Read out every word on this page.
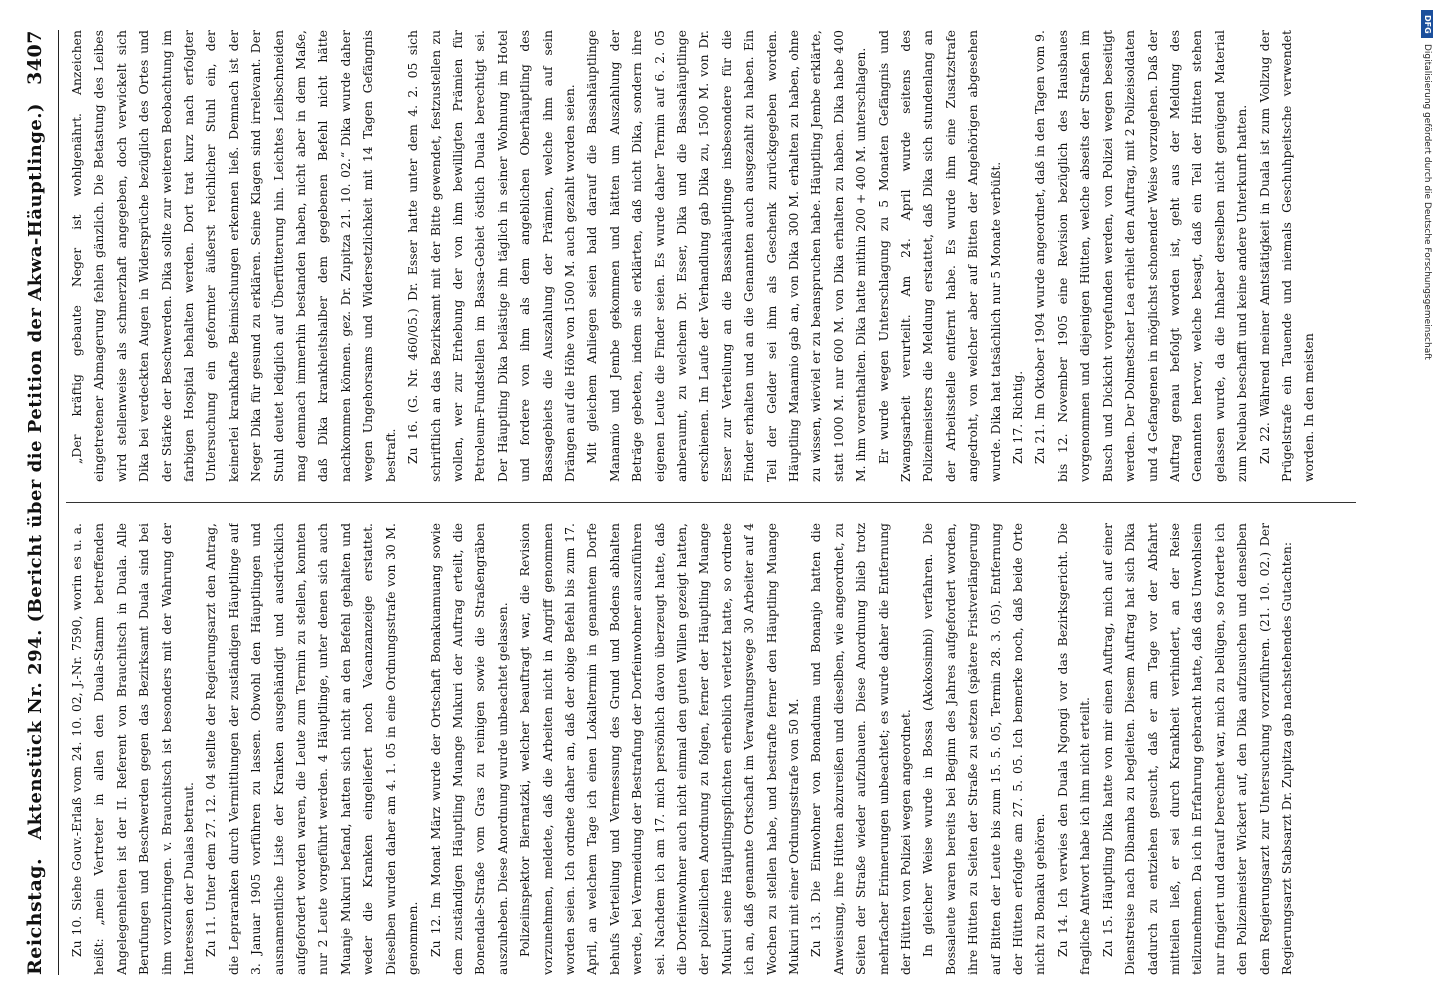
Reichstag.
Aktenstück Nr. 294. (Bericht über die Petition der Akwa-Häuptlinge.)
3407

Zu 10. Siehe Gouv.-Erlaß vom 24. 10. 02, J.-Nr. 7590, worin es u. a. heißt: „mein Vertreter in allen den Duala-Stamm betreffenden Angelegenheiten ist der II. Referent von Brauchitsch in Duala. Alle Berufungen und Beschwerden gegen das Bezirksamt Duala sind bei ihm vorzubringen. v. Brauchitsch ist besonders mit der Wahrung der Interessen der Dualas betraut. Zu 11. Unter dem 27. 12. 04 stellte der Regierungsarzt den Antrag, die Lepraranken durch Vermittlungen der zuständigen Häuptlinge auf 3. Januar 1905 vorführen zu lassen. Obwohl den Häuptlingen und ausnamentliche Liste der Kranken ausgehändigt und ausdrücklich aufgefordert worden waren, die Leute zum Termin zu stellen, konnten nur 2 Leute vorgeführt werden. 4 Häuptlinge, unter denen sich auch Muanje Mukuri befand, hatten sich nicht an den Befehl gehalten und weder die Kranken eingeliefert noch Vacanzanzeige erstattet. Dieselben wurden daher am 4. 1. 05 in eine Ordnungsstrafe von 30 M. genommen. Zu 12. Im Monat März wurde der Ortschaft Bonakuamuang sowie dem zuständigen Häuptling Muange Mukuri der Auftrag erteilt, die Bonendale-Straße vom Gras zu reinigen sowie die Straßengräben auszuheben. Diese Anordnung wurde unbeachtet gelassen. Polizeiinspektor Biernatzki, welcher beauftragt war, die Revision vorzunehmen, meldete, daß die Arbeiten nicht in Angriff genommen worden seien. Ich ordnete daher an, daß der obige Befehl bis zum 17. April, an welchem Tage ich einen Lokaltermin in genanntem Dorfe behufs Verteilung und Vermessung des Grund und Bodens abhalten werde, bei Vermeidung der Bestrafung der Dorfeinwohner auszuführen sei. Nachdem ich am 17. mich persönlich davon überzeugt hatte, daß die Dorfeinwohner auch nicht einmal den guten Willen gezeigt hatten, der polizeilichen Anordnung zu folgen, ferner der Häuptling Muange Mukuri seine Häuptlingspflichten erheblich verletzt hatte, so ordnete ich an, daß genannte Ortschaft im Verwaltungswege 30 Arbeiter auf 4 Wochen zu stellen habe, und bestrafte ferner den Häuptling Muange Mukuri mit einer Ordnungsstrafe von 50 M. Zu 13. Die Einwohner von Bonaduma und Bonanjo hatten die Anweisung, ihre Hütten abzureißen und dieselben, wie angeordnet, zu Seiten der Straße wieder aufzubauen. Diese Anordnung blieb trotz mehrfacher Erinnerungen unbeachtet; es wurde daher die Entfernung der Hütten von Polizei wegen angeordnet. In gleicher Weise wurde in Bossa (Akokosimbi) verfahren. Die Bossaleute waren bereits bei Beginn des Jahres aufgefordert worden, ihre Hütten zu Seiten der Straße zu setzen (spätere Fristverlängerung auf Bitten der Leute bis zum 15. 5. 05, Termin 28. 3. 05). Entfernung der Hütten erfolgte am 27. 5. 05. Ich bemerke noch, daß beide Orte nicht zu Bonaku gehören. Zu 14. Ich verwies den Duala Ngongi vor das Bezirksgericht. Die fragliche Antwort habe ich ihm nicht erteilt. Zu 15. Häuptling Dika hatte von mir einen Auftrag, mich auf einer Dienstreise nach Dibamba zu begleiten. Diesem Auftrag hat sich Dika dadurch zu entziehen gesucht, daß er am Tage vor der Abfahrt mitteilen ließ, er sei durch Krankheit verhindert, an der Reise teilzunehmen. Da ich in Erfahrung gebracht hatte, daß das Unwohlsein nur fingiert und darauf berechnet war, mich zu belügen, so forderte ich den Polizeimeister Wickert auf, den Dika aufzusuchen und denselben dem Regierungsarzt zur Untersuchung vorzuführen. (21. 10. 02.) Der Regierungsarzt Stabsarzt Dr. Zupitza gab nachstehendes Gutachten:

„Der kräftig gebaute Neger ist wohlgenährt. Anzeichen eingetretener Abmagerung fehlen gänzlich. Die Betastung des Leibes wird stellenweise als schmerzhaft angegeben, doch verwickelt sich Dika bei verdeckten Augen in Widersprüche bezüglich des Ortes und der Stärke der Beschwerden. Dika sollte zur weiteren Beobachtung im farbigen Hospital behalten werden. Dort trat kurz nach erfolgter Untersuchung ein geformter äußerst reichlicher Stuhl ein, der keinerlei krankhafte Beimischungen erkennen ließ. Demnach ist der Neger Dika für gesund zu erklären. Seine Klagen sind irrelevant. Der Stuhl deutet lediglich auf Überfütterung hin. Leichtes Leibschneiden mag demnach immerhin bestanden haben, nicht aber in dem Maße, daß Dika krankheitshalber dem gegebenen Befehl nicht hätte nachkommen können. gez. Dr. Zupitza 21. 10. 02.“ Dika wurde daher wegen Ungehorsams und Widersetzlichkeit mit 14 Tagen Gefängnis bestraft. Zu 16. (G. Nr. 460/05.) Dr. Esser hatte unter dem 4. 2. 05 sich schriftlich an das Bezirksamt mit der Bitte gewendet, festzustellen zu wollen, wer zur Erhebung der von ihm bewilligten Prämien für Petroleum-Fundstellen im Bassa-Gebiet östlich Duala berechtigt sei. Der Häuptling Dika belästige ihn täglich in seiner Wohnung im Hotel und fordere von ihm als dem angeblichen Oberhäuptling des Bassagebiets die Auszahlung der Prämien, welche ihm auf sein Drängen auf die Höhe von 1500 M. auch gezahlt worden seien. Mit gleichem Anliegen seien bald darauf die Bassahäuptlinge Manamio und Jembe gekommen und hätten um Auszahlung der Beträge gebeten, indem sie erklärten, daß nicht Dika, sondern ihre eigenen Leute die Finder seien. Es wurde daher Termin auf 6. 2. 05 anberaumt, zu welchem Dr. Esser, Dika und die Bassahäuptlinge erschienen. Im Laufe der Verhandlung gab Dika zu, 1500 M. von Dr. Esser zur Verteilung an die Bassahäuptlinge insbesondere für die Finder erhalten und an die Genannten auch ausgezahlt zu haben. Ein Teil der Gelder sei ihm als Geschenk zurückgegeben worden. Häuptling Manamio gab an, von Dika 300 M. erhalten zu haben, ohne zu wissen, wieviel er zu beanspruchen habe. Häuptling Jembe erklärte, statt 1000 M. nur 600 M. von Dika erhalten zu haben. Dika habe 400 M. ihm vorenthalten. Dika hatte mithin 200 + 400 M. unterschlagen. Er wurde wegen Unterschlagung zu 5 Monaten Gefängnis und Zwangsarbeit verurteilt. Am 24. April wurde seitens des Polizeimeisters die Meldung erstattet, daß Dika sich stundenlang an der Arbeitsstelle entfernt habe. Es wurde ihm eine Zusatzstrafe angedroht, von welcher aber auf Bitten der Angehörigen abgesehen wurde. Dika hat tatsächlich nur 5 Monate verbüßt. Zu 17. Richtig. Zu 21. Im Oktober 1904 wurde angeordnet, daß in den Tagen vom 9. bis 12. November 1905 eine Revision bezüglich des Hausbaues vorgenommen und diejenigen Hütten, welche abseits der Straßen im Busch und Dickicht vorgefunden werden, von Polizei wegen beseitigt werden. Der Dolmetscher Lea erhielt den Auftrag, mit 2 Polizeisoldaten und 4 Gefangenen in möglichst schonender Weise vorzugehen. Daß der Auftrag genau befolgt worden ist, geht aus der Meldung des Genannten hervor, welche besagt, daß ein Teil der Hütten stehen gelassen wurde, da die Inhaber derselben nicht genügend Material zum Neubau beschafft und keine andere Unterkunft hatten. Zu 22. Während meiner Amtstätigkeit in Duala ist zum Vollzug der Prügelstrafe ein Tauende und niemals Geschuhpeitsche verwendet worden. In den meisten

DFG
Digitalisierung gefördert durch die Deutsche Forschungsgemeinschaft
